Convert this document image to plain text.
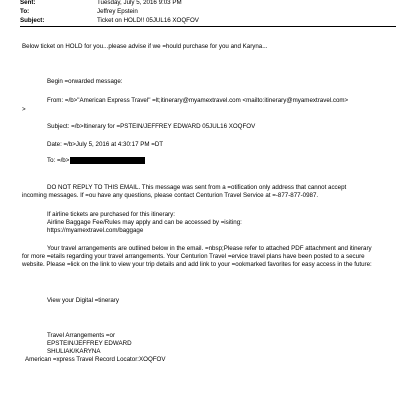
Sent:	Tuesday, July 5, 2016 9:03 PM
To:	Jeffrey Epstein
Subject:	Ticket on HOLD!! 05JUL16 XOQFOV
Below ticket on HOLD for you...please advise if we =hould purchase for you and Karyna...
Begin =orwarded message:
From: =/b>"American Express Travel" =lt;itinerary@myamextravel.com <mailto:itinerary@myamextravel.com>
>
Subject: =/b>Itinerary for =PSTEIN/JEFFREY EDWARD 05JUL16 XOQFOV
Date: =/b>July 5, 2016 at 4:30:17 PM =DT
To: =/b>
DO NOT REPLY TO THIS EMAIL. This message was sent from a =otification only address that cannot accept incoming messages. If =ou have any questions, please contact Centurion Travel Service at =-877-877-0987.
If airline tickets are purchased for this itinerary:
Airline Baggage Fee/Rules may apply and can be accessed by =isiting:
https://myamextravel.com/baggage
Your travel arrangements are outlined below in the email. =nbsp;Please refer to attached PDF attachment and itinerary for more =etails regarding your travel arrangements. Your Centurion Travel =ervice travel plans have been posted to a secure website. Please =lick on the link to view your trip details and add link to your =ookmarked favorites for easy access in the future:
View your Digital =tinerary
Travel Arrangements =or
EPSTEIN/JEFFREY EDWARD
SHULIAK/KARYNA
American =xpress Travel Record Locator:XOQFOV
